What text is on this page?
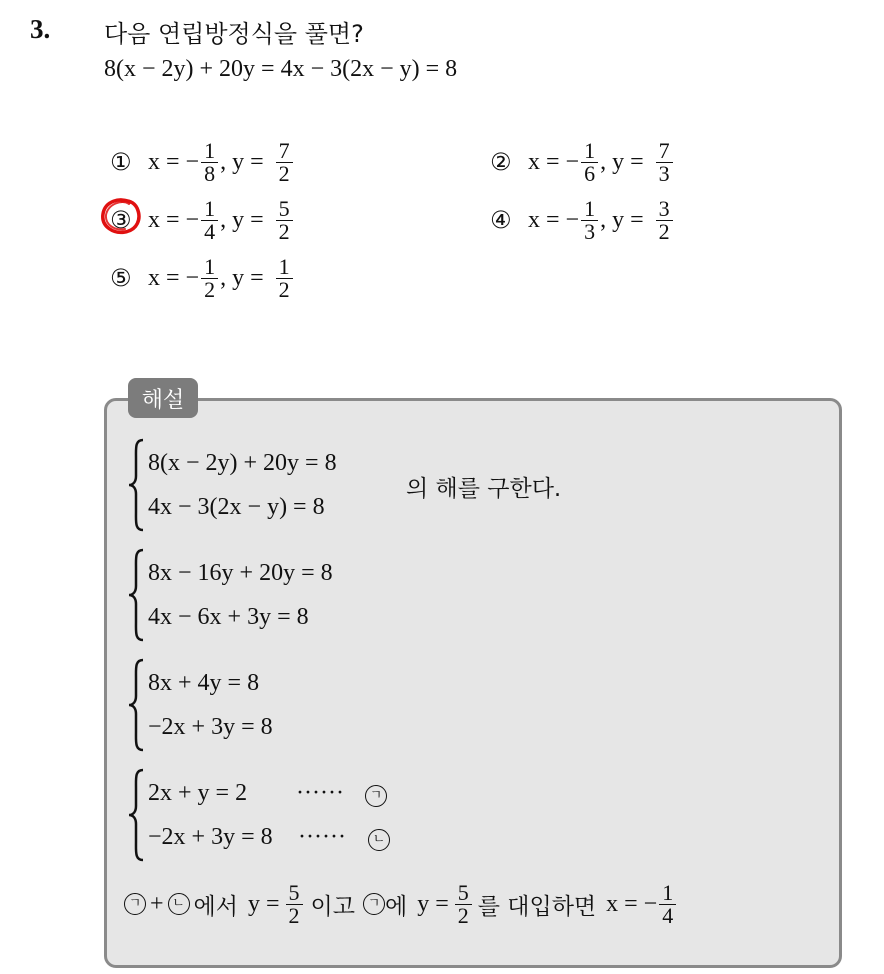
3. 다음 연립방정식을 풀면?
8(x − 2y) + 20y = 4x − 3(2x − y) = 8
① x = − $\frac{1}{8}$ , $y = \frac{7}{2}$	② x = − $\frac{1}{6}$ , $y = \frac{7}{3}$
③ x = − $\frac{1}{4}$ , $y = \frac{5}{2}$	④ x = − $\frac{1}{3}$ , $y = \frac{3}{2}$
⑤ x = − $\frac{1}{2}$ , $y = \frac{1}{2}$
해설
8(x − 2y) + 20y = 8
4x − 3(2x − y) = 8
의 해를 구한다.
8x − 16y + 20y = 8
4x − 6x + 3y = 8
8x + 4y = 8
−2x + 3y = 8
2x + y = 2 ······	ㄱ
−2x + 3y = 8 ······	ㄴ
ㄱ + ㄴ 에서 $y = \frac{5}{2}$ 이고 ㄱ 에 $y = \frac{5}{2}$ 를 대입하면 x = − $\frac{1}{4}$
